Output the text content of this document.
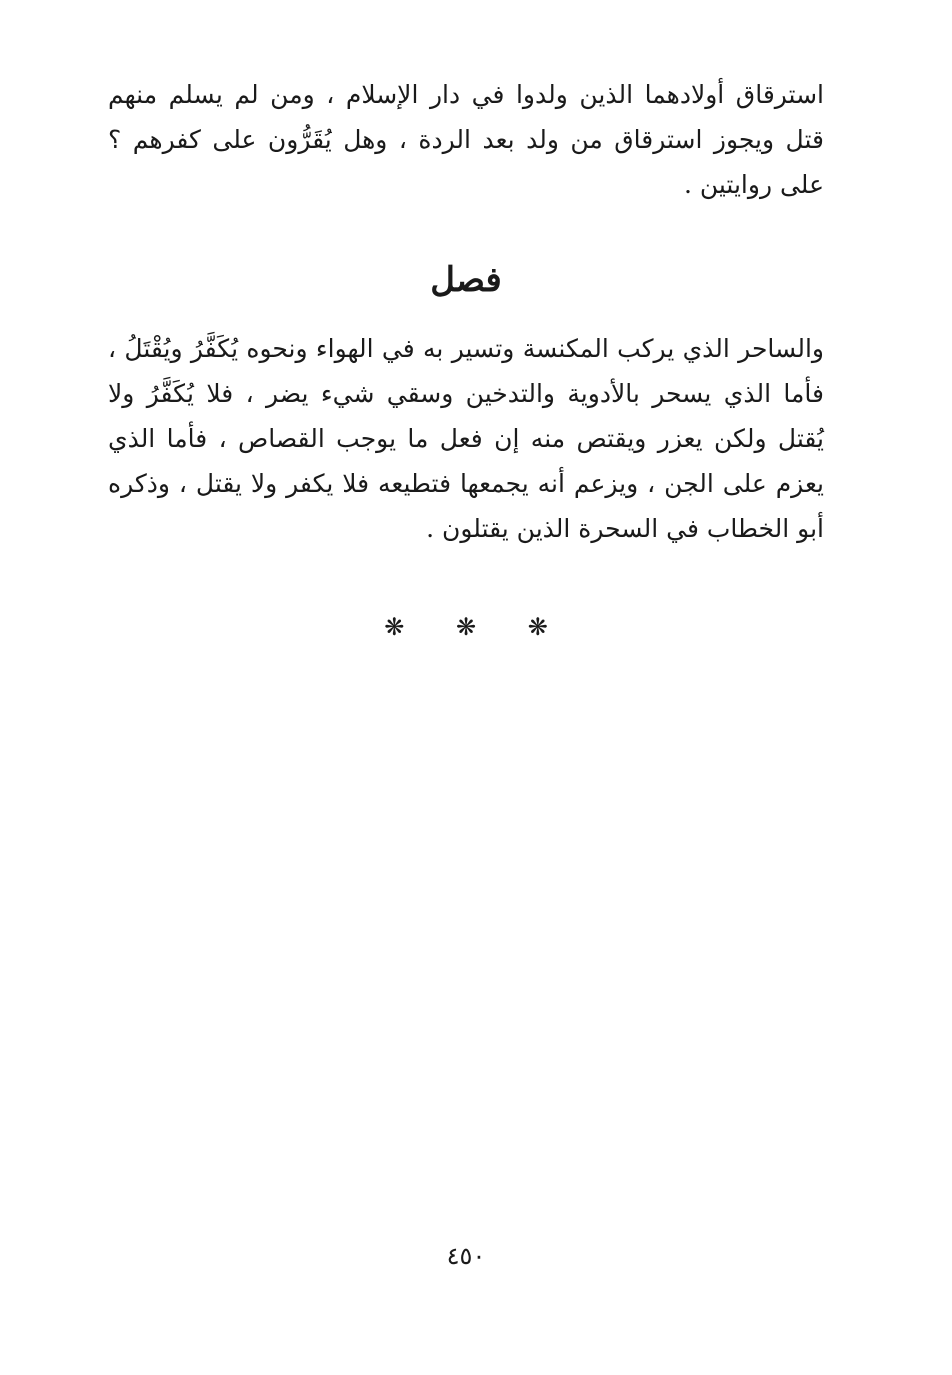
استرقاق أولادهما الذين ولدوا في دار الإسلام ، ومن لم يسلم منهم قتل ويجوز استرقاق من ولد بعد الردة ، وهل يُقَرُّون على كفرهم ؟ على روايتين .

فصل

والساحر الذي يركب المكنسة وتسير به في الهواء ونحوه يُكَفَّرُ ويُقْتَلُ ، فأما الذي يسحر بالأدوية والتدخين وسقي شيء يضر ، فلا يُكَفَّرُ ولا يُقتل ولكن يعزر ويقتص منه إن فعل ما يوجب القصاص ، فأما الذي يعزم على الجن ، ويزعم أنه يجمعها فتطيعه فلا يكفر ولا يقتل ، وذكره أبو الخطاب في السحرة الذين يقتلون .

❋ ❋ ❋
٤٥٠
